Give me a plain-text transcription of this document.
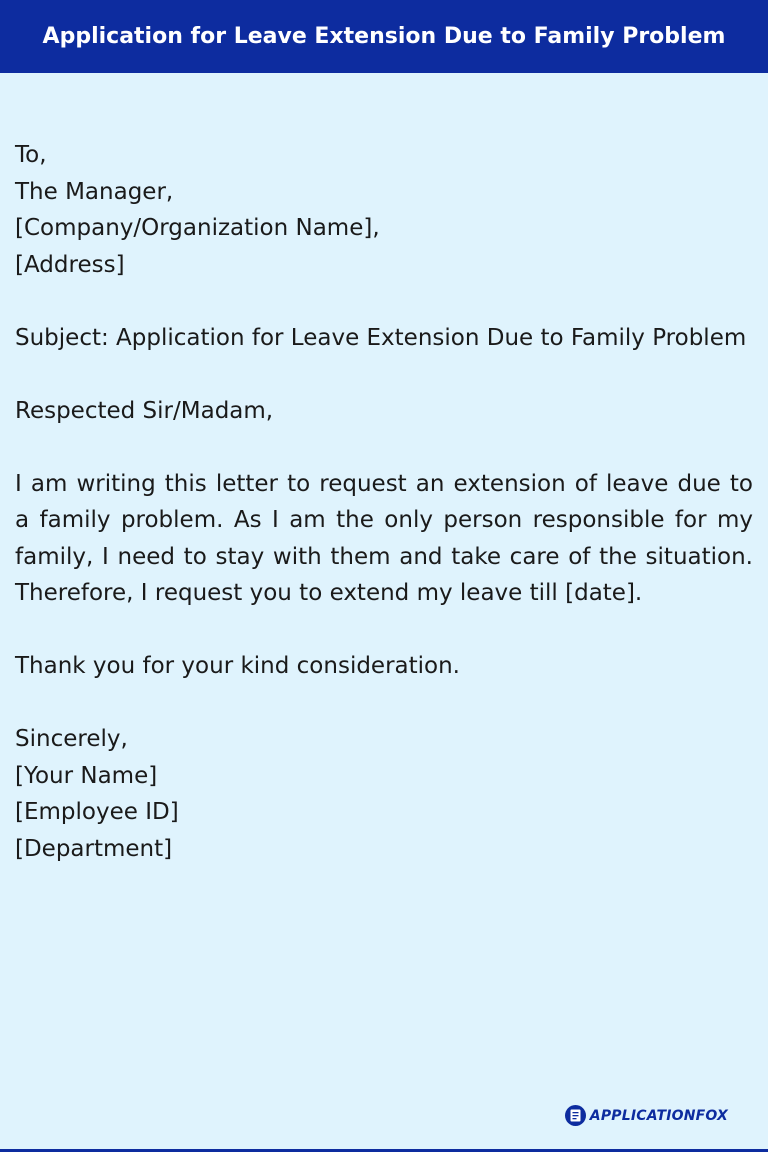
Application for Leave Extension Due to Family Problem
To,
The Manager,
[Company/Organization Name],
[Address]
Subject: Application for Leave Extension Due to Family Problem
Respected Sir/Madam,
I am writing this letter to request an extension of leave due to a family problem. As I am the only person responsible for my family, I need to stay with them and take care of the situation. Therefore, I request you to extend my leave till [date].
Thank you for your kind consideration.
Sincerely,
[Your Name]
[Employee ID]
[Department]
APPLICATIONFOX
